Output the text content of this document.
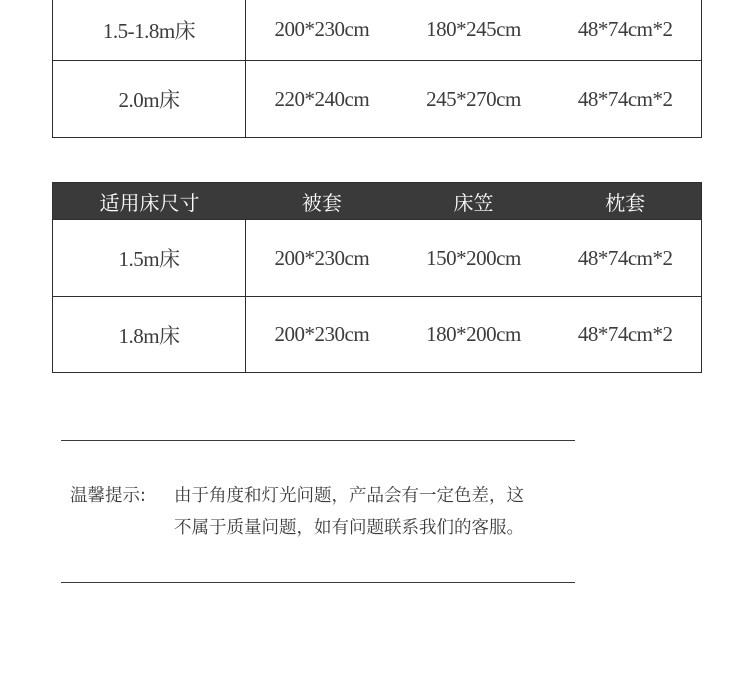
1.5-1.8m床	200*230cm	180*245cm	48*74cm*2
2.0m床	220*240cm	245*270cm	48*74cm*2
适用床尺寸	被套	床笠	枕套
1.5m床	200*230cm	150*200cm	48*74cm*2
1.8m床	200*230cm	180*200cm	48*74cm*2
温馨提示:	由于角度和灯光问题，产品会有一定色差，这
不属于质量问题，如有问题联系我们的客服。
